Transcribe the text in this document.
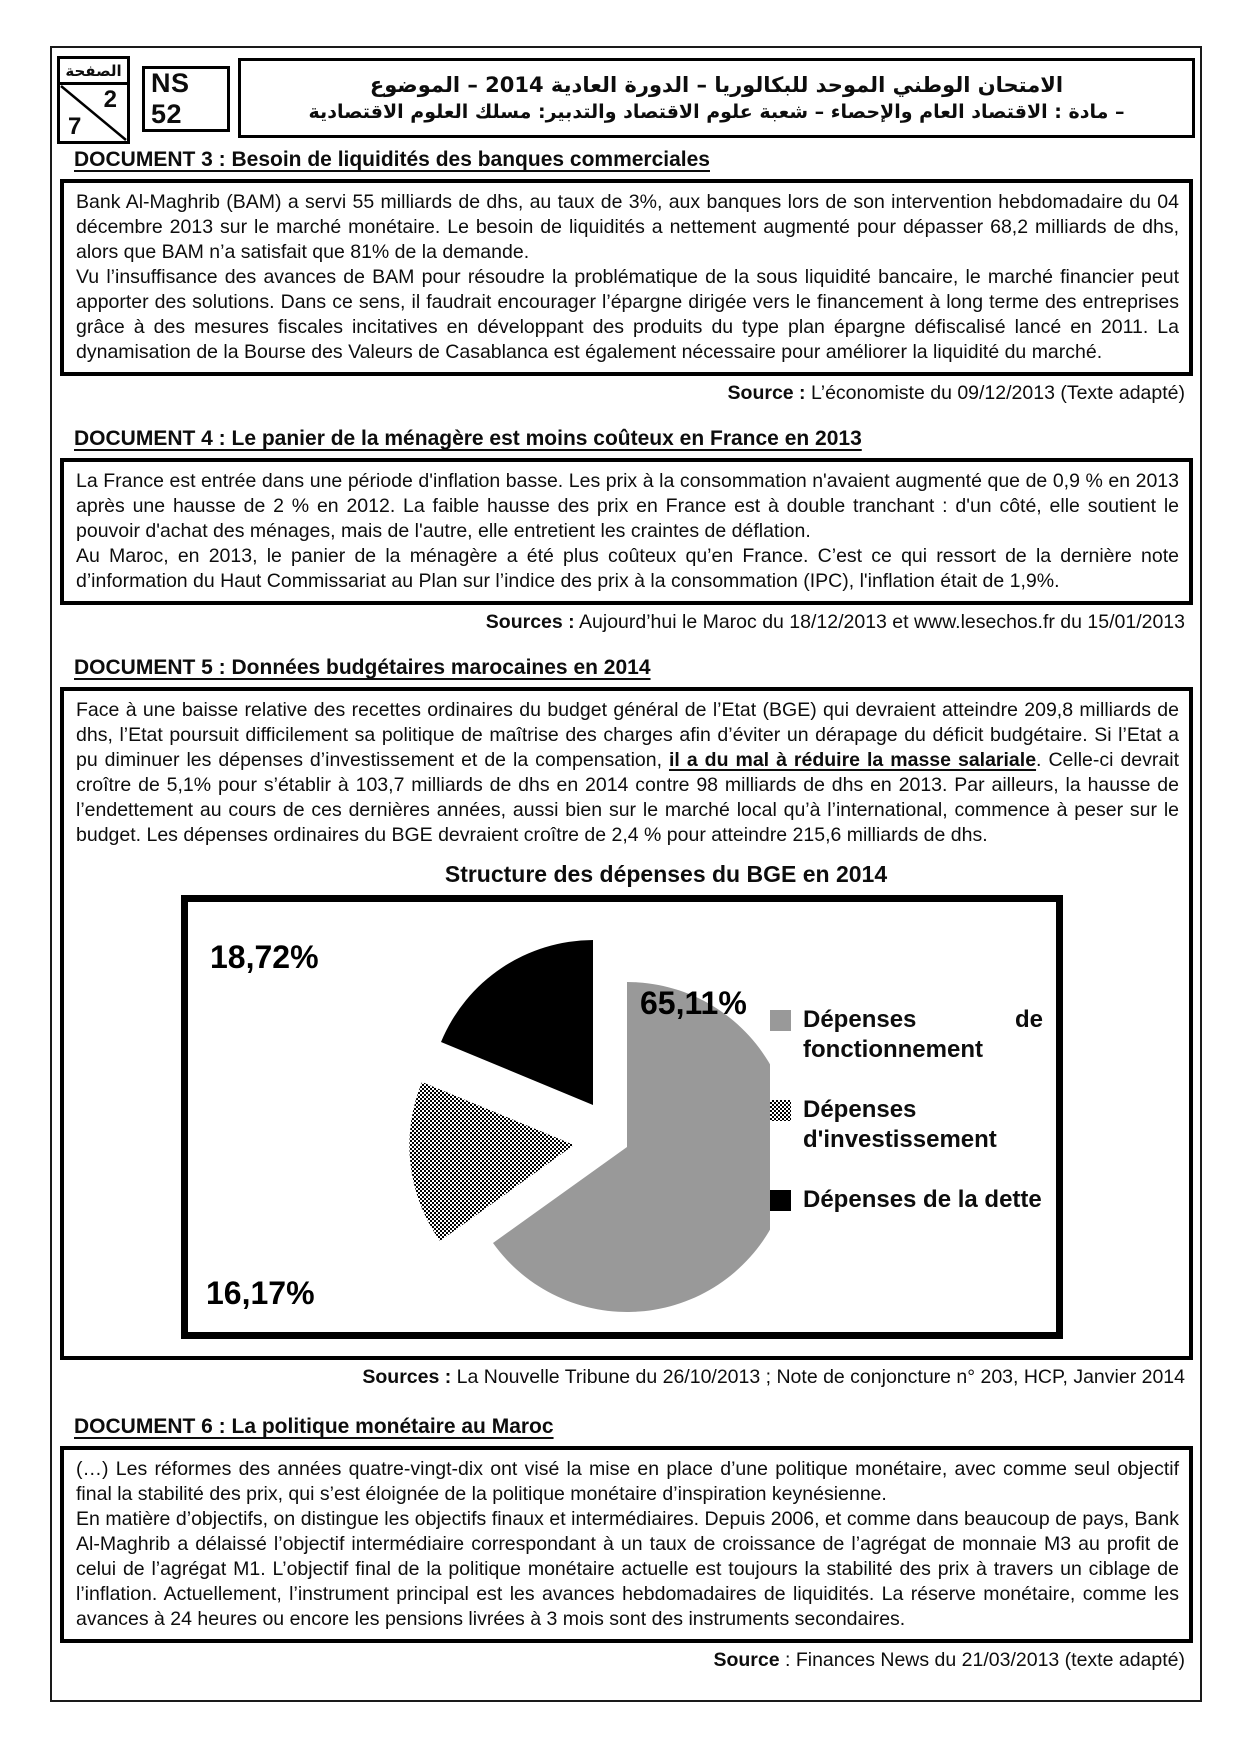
الصفحة
2
7
NS 52
الامتحان الوطني الموحد للبكالوريا – الدورة العادية 2014 – الموضوع
– مادة : الاقتصاد العام والإحصاء – شعبة علوم الاقتصاد والتدبير: مسلك العلوم الاقتصادية
DOCUMENT 3 : Besoin de liquidités des banques commerciales

Bank Al-Maghrib (BAM) a servi 55 milliards de dhs, au taux de 3%, aux banques lors de son intervention hebdomadaire du 04 décembre 2013 sur le marché monétaire. Le besoin de liquidités a nettement augmenté pour dépasser 68,2 milliards de dhs, alors que BAM n’a satisfait que 81% de la demande.

Vu l’insuffisance des avances de BAM pour résoudre la problématique de la sous liquidité bancaire, le marché financier peut apporter des solutions. Dans ce sens, il faudrait encourager l’épargne dirigée vers le financement à long terme des entreprises grâce à des mesures fiscales incitatives en développant des produits du type plan épargne défiscalisé lancé en 2011. La dynamisation de la Bourse des Valeurs de Casablanca est également nécessaire pour améliorer la liquidité du marché.

Source : L’économiste du 09/12/2013 (Texte adapté)
DOCUMENT 4 : Le panier de la ménagère est moins coûteux en France en 2013

La France est entrée dans une période d'inflation basse. Les prix à la consommation n'avaient augmenté que de 0,9 % en 2013 après une hausse de 2 % en 2012. La faible hausse des prix en France est à double tranchant : d'un côté, elle soutient le pouvoir d'achat des ménages, mais de l'autre, elle entretient les craintes de déflation.

Au Maroc, en 2013, le panier de la ménagère a été plus coûteux qu’en France. C’est ce qui ressort de la dernière note d’information du Haut Commissariat au Plan sur l’indice des prix à la consommation (IPC), l'inflation était de 1,9%.

Sources : Aujourd’hui le Maroc du 18/12/2013 et www.lesechos.fr du 15/01/2013
DOCUMENT 5 : Données budgétaires marocaines en 2014

Face à une baisse relative des recettes ordinaires du budget général de l’Etat (BGE) qui devraient atteindre 209,8 milliards de dhs, l’Etat poursuit difficilement sa politique de maîtrise des charges afin d’éviter un dérapage du déficit budgétaire. Si l’Etat a pu diminuer les dépenses d’investissement et de la compensation, il a du mal à réduire la masse salariale. Celle-ci devrait croître de 5,1% pour s’établir à 103,7 milliards de dhs en 2014 contre 98 milliards de dhs en 2013. Par ailleurs, la hausse de l’endettement au cours de ces dernières années, aussi bien sur le marché local qu’à l’international, commence à peser sur le budget. Les dépenses ordinaires du BGE devraient croître de 2,4 % pour atteindre 215,6 milliards de dhs.

Structure des dépenses du BGE en 2014
18,72%
65,11%
16,17%
Dépenses de fonctionnement
Dépenses d'investissement
Dépenses de la dette
Sources : La Nouvelle Tribune du 26/10/2013 ; Note de conjoncture n° 203, HCP, Janvier 2014
DOCUMENT 6 : La politique monétaire au Maroc

(…) Les réformes des années quatre-vingt-dix ont visé la mise en place d’une politique monétaire, avec comme seul objectif final la stabilité des prix, qui s’est éloignée de la politique monétaire d’inspiration keynésienne.

En matière d’objectifs, on distingue les objectifs finaux et intermédiaires. Depuis 2006, et comme dans beaucoup de pays, Bank Al-Maghrib a délaissé l’objectif intermédiaire correspondant à un taux de croissance de l’agrégat de monnaie M3 au profit de celui de l’agrégat M1. L’objectif final de la politique monétaire actuelle est toujours la stabilité des prix à travers un ciblage de l’inflation. Actuellement, l’instrument principal est les avances hebdomadaires de liquidités. La réserve monétaire, comme les avances à 24 heures ou encore les pensions livrées à 3 mois sont des instruments secondaires.

Source : Finances News du 21/03/2013 (texte adapté)
